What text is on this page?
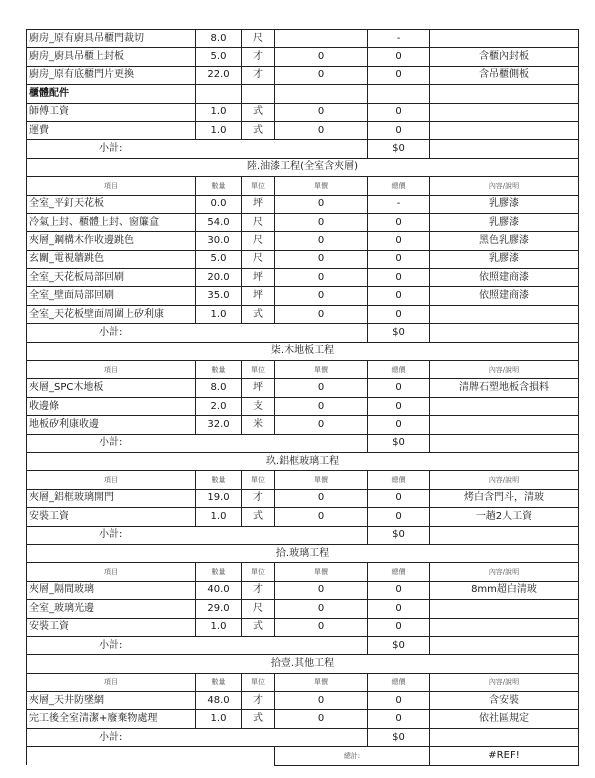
廚房_原有廚具吊櫃門裁切	8.0	尺		-	
廚房_廚具吊櫃上封板	5.0	才	0	0	含櫃內封板
廚房_原有底櫃門片更換	22.0	才	0	0	含吊櫃側板
櫃體配件					
師傅工資	1.0	式	0	0	
運費	1.0	式	0	0	
小計:				$0	
陸.油漆工程(全室含夾層)					
項目	數量	單位	單價	總價	內容/說明
全室_平釘天花板	0.0	坪	0	-	乳膠漆
冷氣上封、櫃體上封、窗簾盒	54.0	尺	0	0	乳膠漆
夾層_鋼構木作收邊跳色	30.0	尺	0	0	黑色乳膠漆
玄關_電視牆跳色	5.0	尺	0	0	乳膠漆
全室_天花板局部回刷	20.0	坪	0	0	依照建商漆
全室_壁面局部回刷	35.0	坪	0	0	依照建商漆
全室_天花板壁面周圍上矽利康	1.0	式	0	0	
小計:				$0	
柒.木地板工程					
項目	數量	單位	單價	總價	內容/說明
夾層_SPC木地板	8.0	坪	0	0	清牌石塑地板含損料
收邊條	2.0	支	0	0	
地板矽利康收邊	32.0	米	0	0	
小計:				$0	
玖.鋁框玻璃工程					
項目	數量	單位	單價	總價	內容/說明
夾層_鋁框玻璃開門	19.0	才	0	0	烤白含門斗，清玻
安裝工資	1.0	式	0	0	一趟2人工資
小計:				$0	
拾.玻璃工程					
項目	數量	單位	單價	總價	內容/說明
夾層_隔間玻璃	40.0	才	0	0	8mm超白清玻
全室_玻璃光邊	29.0	尺	0	0	
安裝工資	1.0	式	0	0	
小計:				$0	
拾壹.其他工程					
項目	數量	單位	單價	總價	內容/說明
夾層_天井防墜網	48.0	才	0	0	含安裝
完工後全室清潔+廢棄物處理	1.0	式	0	0	依社區規定
小計:				$0	
			總計:		#REF!
